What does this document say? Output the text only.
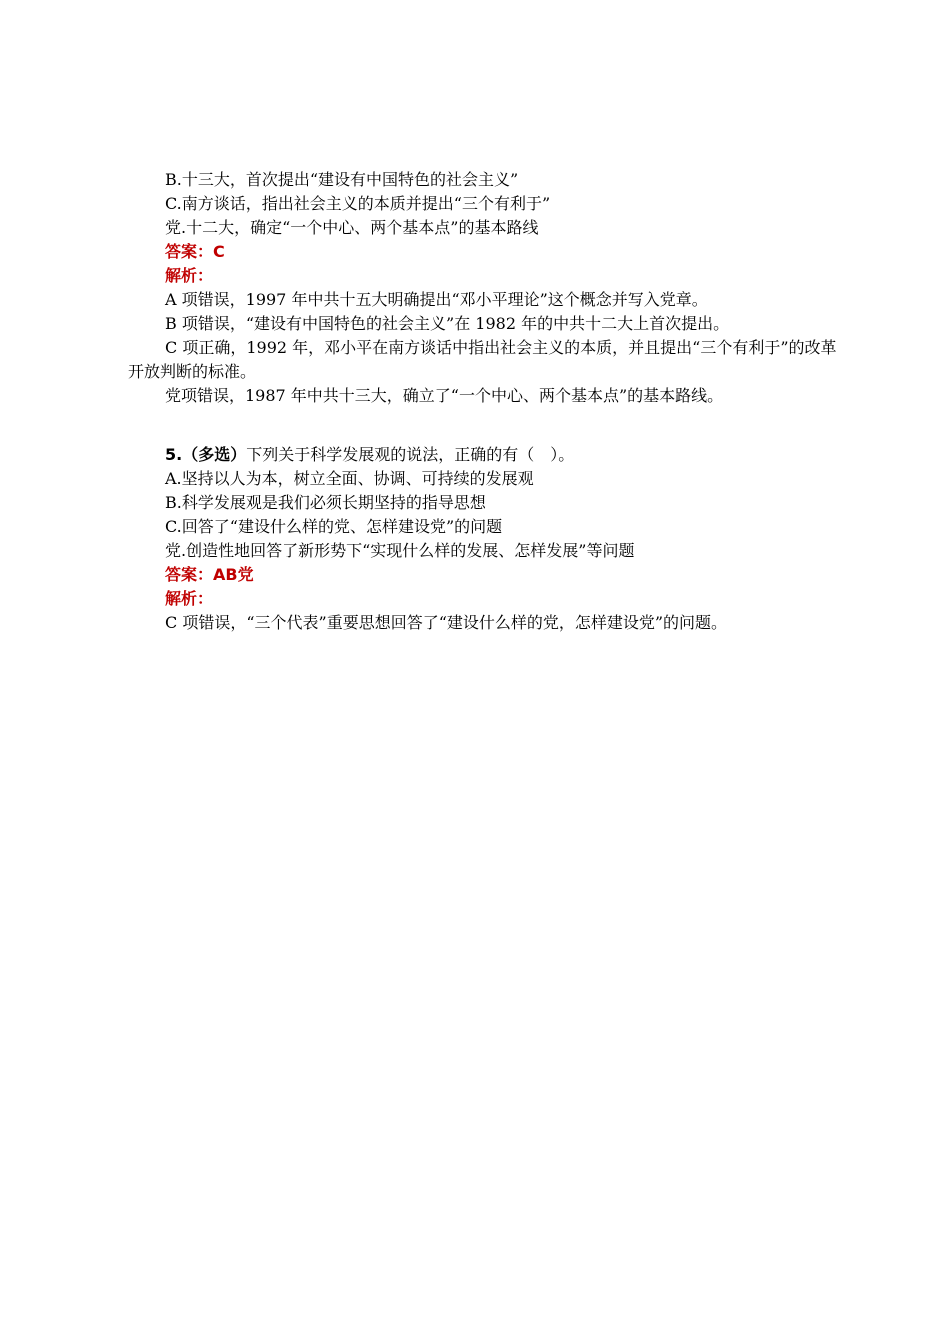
B.十三大，首次提出“建设有中国特色的社会主义”

C.南方谈话，指出社会主义的本质并提出“三个有利于”

党.十二大，确定“一个中心、两个基本点”的基本路线

答案：C

解析：

A 项错误，1997 年中共十五大明确提出“邓小平理论”这个概念并写入党章。

B 项错误，“建设有中国特色的社会主义”在 1982 年的中共十二大上首次提出。

C 项正确，1992 年，邓小平在南方谈话中指出社会主义的本质，并且提出“三个有利于”的改革开放判断的标准。

党项错误，1987 年中共十三大，确立了“一个中心、两个基本点”的基本路线。

5.（多选）下列关于科学发展观的说法，正确的有（　）。

A.坚持以人为本，树立全面、协调、可持续的发展观

B.科学发展观是我们必须长期坚持的指导思想

C.回答了“建设什么样的党、怎样建设党”的问题

党.创造性地回答了新形势下“实现什么样的发展、怎样发展”等问题

答案：AB党

解析：

C 项错误，“三个代表”重要思想回答了“建设什么样的党，怎样建设党”的问题。
